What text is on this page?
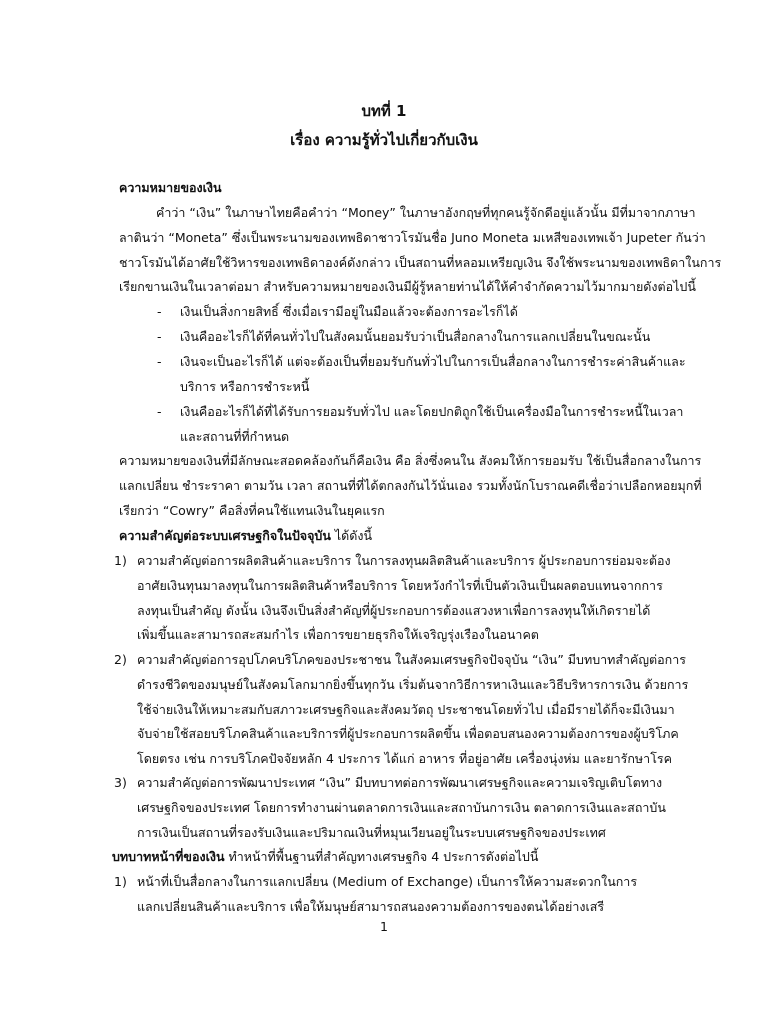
บทที่ 1
เรื่อง ความรู้ทั่วไปเกี่ยวกับเงิน
ความหมายของเงิน
คำว่า “เงิน” ในภาษาไทยคือคำว่า “Money” ในภาษาอังกฤษที่ทุกคนรู้จักดีอยู่แล้วนั้น มีที่มาจากภาษา
ลาตินว่า “Moneta” ซึ่งเป็นพระนามของเทพธิดาชาวโรมันชื่อ Juno Moneta มเหสีของเทพเจ้า Jupeter กันว่า
ชาวโรมันได้อาศัยใช้วิหารของเทพธิดาองค์ดังกล่าว เป็นสถานที่หลอมเหรียญเงิน จึงใช้พระนามของเทพธิดาในการ
เรียกขานเงินในเวลาต่อมา สำหรับความหมายของเงินมีผู้รู้หลายท่านได้ให้คำจำกัดความไว้มากมายดังต่อไปนี้
-	เงินเป็นสิ่งกายสิทธิ์ ซึ่งเมื่อเรามีอยู่ในมือแล้วจะต้องการอะไรก็ได้
-	เงินคืออะไรก็ได้ที่คนทั่วไปในสังคมนั้นยอมรับว่าเป็นสื่อกลางในการแลกเปลี่ยนในขณะนั้น
-	เงินจะเป็นอะไรก็ได้ แต่จะต้องเป็นที่ยอมรับกันทั่วไปในการเป็นสื่อกลางในการชำระค่าสินค้าและ
บริการ หรือการชำระหนี้
-	เงินคืออะไรก็ได้ที่ได้รับการยอมรับทั่วไป และโดยปกติถูกใช้เป็นเครื่องมือในการชำระหนี้ในเวลา
และสถานที่ที่กำหนด
ความหมายของเงินที่มีลักษณะสอดคล้องกันก็คือเงิน คือ สิ่งซึ่งคนใน สังคมให้การยอมรับ ใช้เป็นสื่อกลางในการ
แลกเปลี่ยน ชำระราคา ตามวัน เวลา สถานที่ที่ได้ตกลงกันไว้นั่นเอง รวมทั้งนักโบราณคดีเชื่อว่าเปลือกหอยมุกที่
เรียกว่า “Cowry” คือสิ่งที่คนใช้แทนเงินในยุคแรก
ความสำคัญต่อระบบเศรษฐกิจในปัจจุบัน ได้ดังนี้
1) ความสำคัญต่อการผลิตสินค้าและบริการ ในการลงทุนผลิตสินค้าและบริการ ผู้ประกอบการย่อมจะต้อง
อาศัยเงินทุนมาลงทุนในการผลิตสินค้าหรือบริการ โดยหวังกำไรที่เป็นตัวเงินเป็นผลตอบแทนจากการ
ลงทุนเป็นสำคัญ ดังนั้น เงินจึงเป็นสิ่งสำคัญที่ผู้ประกอบการต้องแสวงหาเพื่อการลงทุนให้เกิดรายได้
เพิ่มขึ้นและสามารถสะสมกำไร เพื่อการขยายธุรกิจให้เจริญรุ่งเรืองในอนาคต
2) ความสำคัญต่อการอุปโภคบริโภคของประชาชน ในสังคมเศรษฐกิจปัจจุบัน “เงิน” มีบทบาทสำคัญต่อการ
ดำรงชีวิตของมนุษย์ในสังคมโลกมากยิ่งขึ้นทุกวัน เริ่มต้นจากวิธีการหาเงินและวิธีบริหารการเงิน ด้วยการ
ใช้จ่ายเงินให้เหมาะสมกับสภาวะเศรษฐกิจและสังคมวัตถุ ประชาชนโดยทั่วไป เมื่อมีรายได้ก็จะมีเงินมา
จับจ่ายใช้สอยบริโภคสินค้าและบริการที่ผู้ประกอบการผลิตขึ้น เพื่อตอบสนองความต้องการของผู้บริโภค
โดยตรง เช่น การบริโภคปัจจัยหลัก 4 ประการ ได้แก่ อาหาร ที่อยู่อาศัย เครื่องนุ่งห่ม และยารักษาโรค
3) ความสำคัญต่อการพัฒนาประเทศ “เงิน” มีบทบาทต่อการพัฒนาเศรษฐกิจและความเจริญเติบโตทาง
เศรษฐกิจของประเทศ โดยการทำงานผ่านตลาดการเงินและสถาบันการเงิน ตลาดการเงินและสถาบัน
การเงินเป็นสถานที่รองรับเงินและปริมาณเงินที่หมุนเวียนอยู่ในระบบเศรษฐกิจของประเทศ
บทบาทหน้าที่ของเงิน ทำหน้าที่พื้นฐานที่สำคัญทางเศรษฐกิจ 4 ประการดังต่อไปนี้
1) หน้าที่เป็นสื่อกลางในการแลกเปลี่ยน (Medium of Exchange) เป็นการให้ความสะดวกในการ
แลกเปลี่ยนสินค้าและบริการ เพื่อให้มนุษย์สามารถสนองความต้องการของตนได้อย่างเสรี
1
